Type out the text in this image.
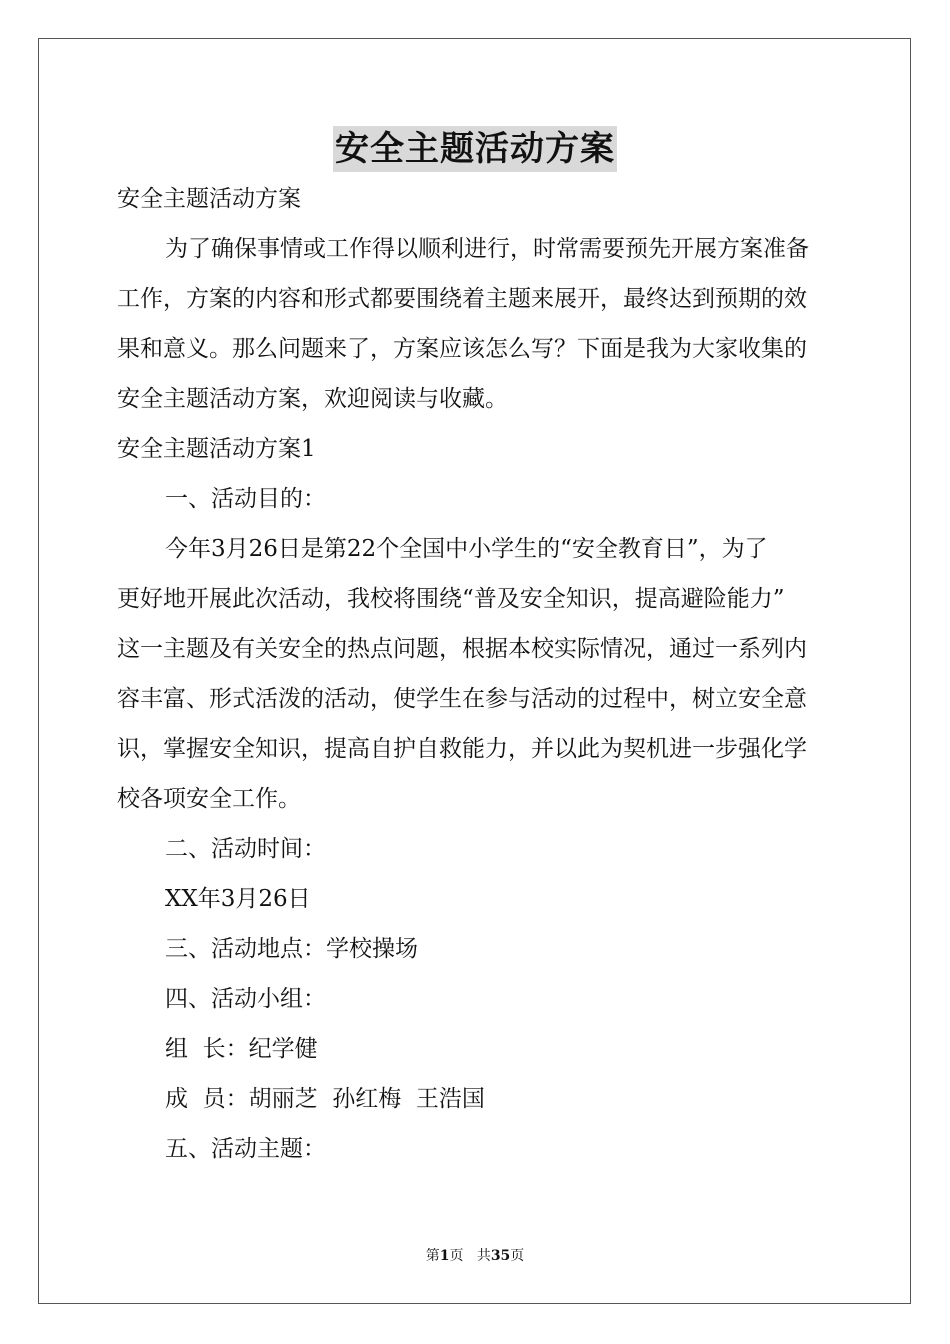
安全主题活动方案
安全主题活动方案
为了确保事情或工作得以顺利进行，时常需要预先开展方案准备
工作，方案的内容和形式都要围绕着主题来展开，最终达到预期的效
果和意义。那么问题来了，方案应该怎么写？下面是我为大家收集的
安全主题活动方案，欢迎阅读与收藏。
安全主题活动方案1
一、活动目的：
今年3月26日是第22个全国中小学生的“安全教育日”，为了
更好地开展此次活动，我校将围绕“普及安全知识，提高避险能力”
这一主题及有关安全的热点问题，根据本校实际情况，通过一系列内
容丰富、形式活泼的活动，使学生在参与活动的过程中，树立安全意
识，掌握安全知识，提高自护自救能力，并以此为契机进一步强化学
校各项安全工作。
二、活动时间：
XX年3月26日
三、活动地点：学校操场
四、活动小组：
组  长：纪学健
成  员：胡丽芝  孙红梅  王浩国
五、活动主题：
第1页 共35页
